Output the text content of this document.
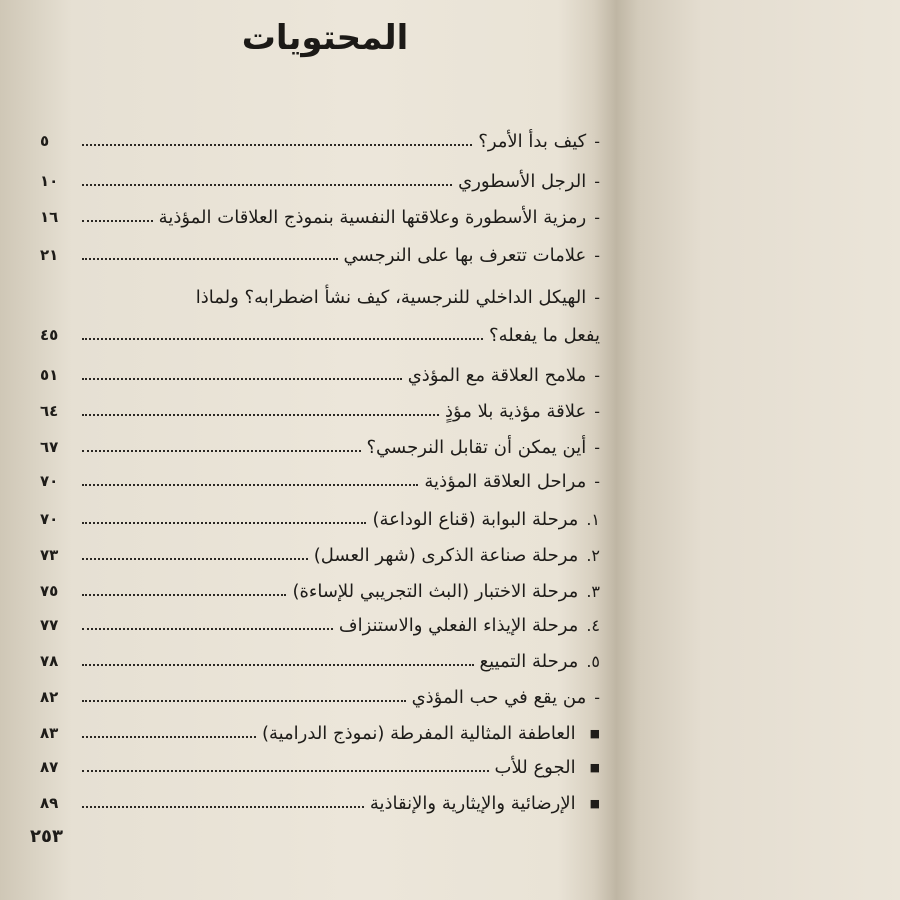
المحتويات
-
كيف بدأ الأمر؟
٥
-
الرجل الأسطوري
١٠
-
رمزية الأسطورة وعلاقتها النفسية بنموذج العلاقات المؤذية
١٦
-
علامات تتعرف بها على النرجسي
٢١
-
الهيكل الداخلي للنرجسية، كيف نشأ اضطرابه؟ ولماذا
يفعل ما يفعله؟
٤٥
-
ملامح العلاقة مع المؤذي
٥١
-
علاقة مؤذية بلا مؤذٍ
٦٤
-
أين يمكن أن تقابل النرجسي؟
٦٧
-
مراحل العلاقة المؤذية
٧٠
١.
مرحلة البوابة (قناع الوداعة)
٧٠
٢.
مرحلة صناعة الذكرى (شهر العسل)
٧٣
٣.
مرحلة الاختبار (البث التجريبي للإساءة)
٧٥
٤.
مرحلة الإيذاء الفعلي والاستنزاف
٧٧
٥.
مرحلة التمييع
٧٨
-
من يقع في حب المؤذي
٨٢
■
العاطفة المثالية المفرطة (نموذج الدرامية)
٨٣
■
الجوع للأب
٨٧
■
الإرضائية والإيثارية والإنقاذية
٨٩
٢٥٣
